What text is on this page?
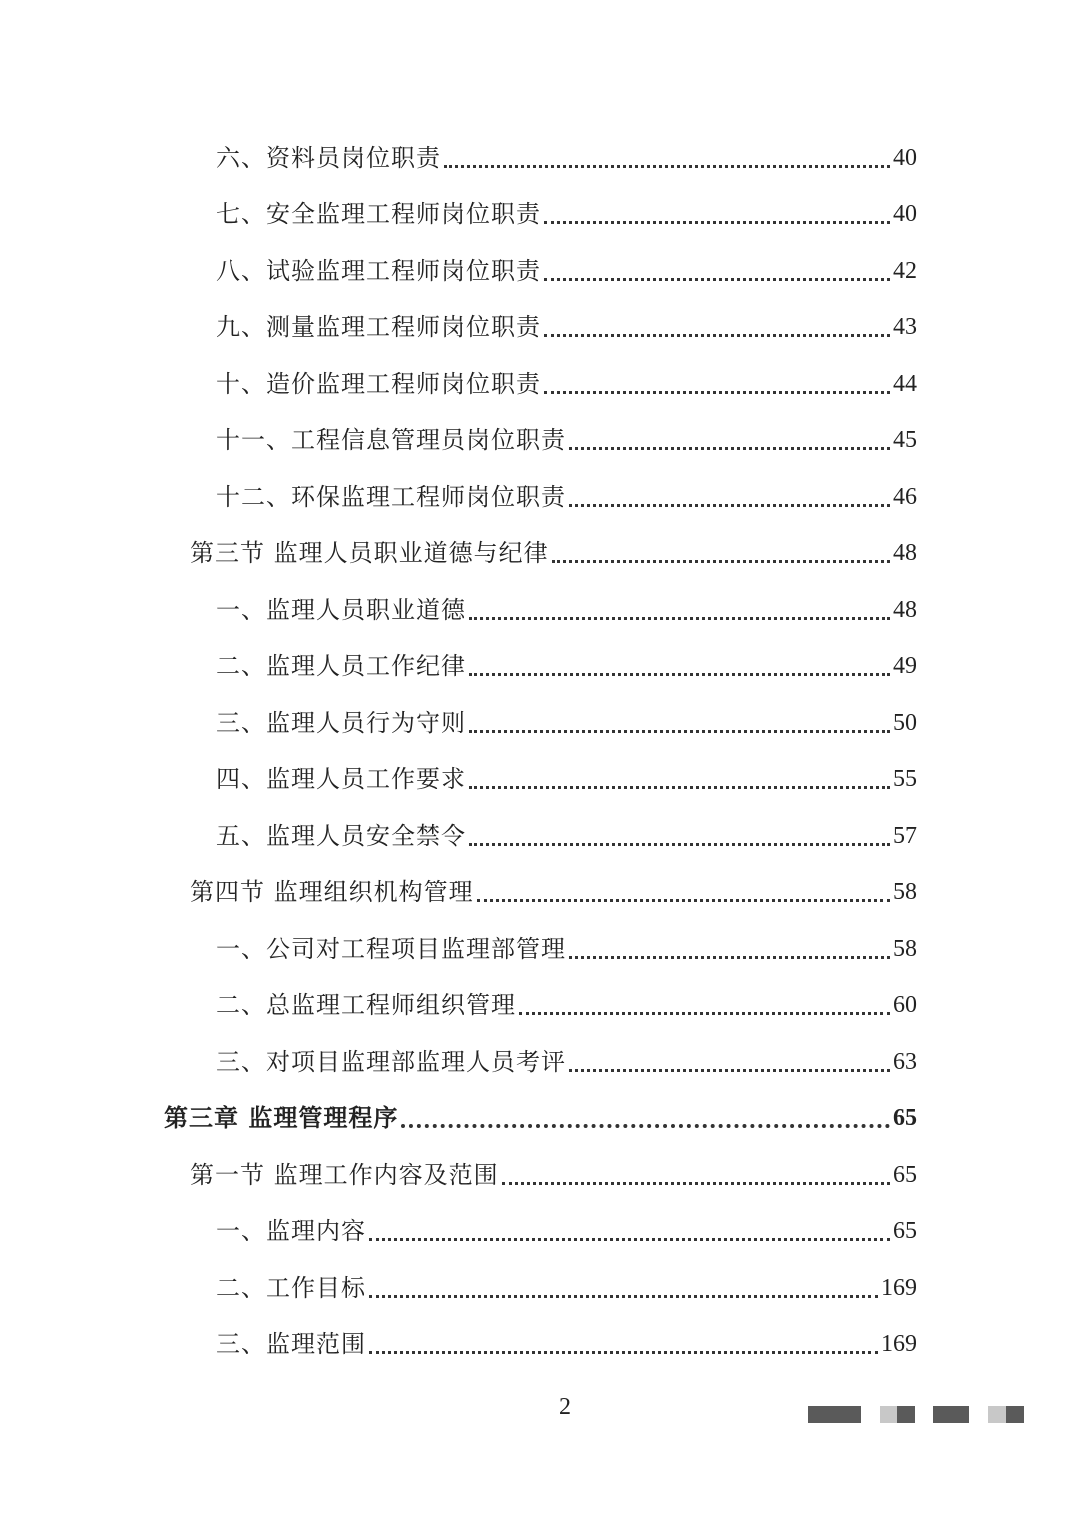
六、资料员岗位职责	40
七、安全监理工程师岗位职责	40
八、试验监理工程师岗位职责	42
九、测量监理工程师岗位职责	43
十、造价监理工程师岗位职责	44
十一、工程信息管理员岗位职责	45
十二、环保监理工程师岗位职责	46
第三节 监理人员职业道德与纪律	48
一、监理人员职业道德	48
二、监理人员工作纪律	49
三、监理人员行为守则	50
四、监理人员工作要求	55
五、监理人员安全禁令	57
第四节 监理组织机构管理	58
一、公司对工程项目监理部管理	58
二、总监理工程师组织管理	60
三、对项目监理部监理人员考评	63
第三章 监理管理程序	65
第一节 监理工作内容及范围	65
一、监理内容	65
二、工作目标	169
三、监理范围	169
2
